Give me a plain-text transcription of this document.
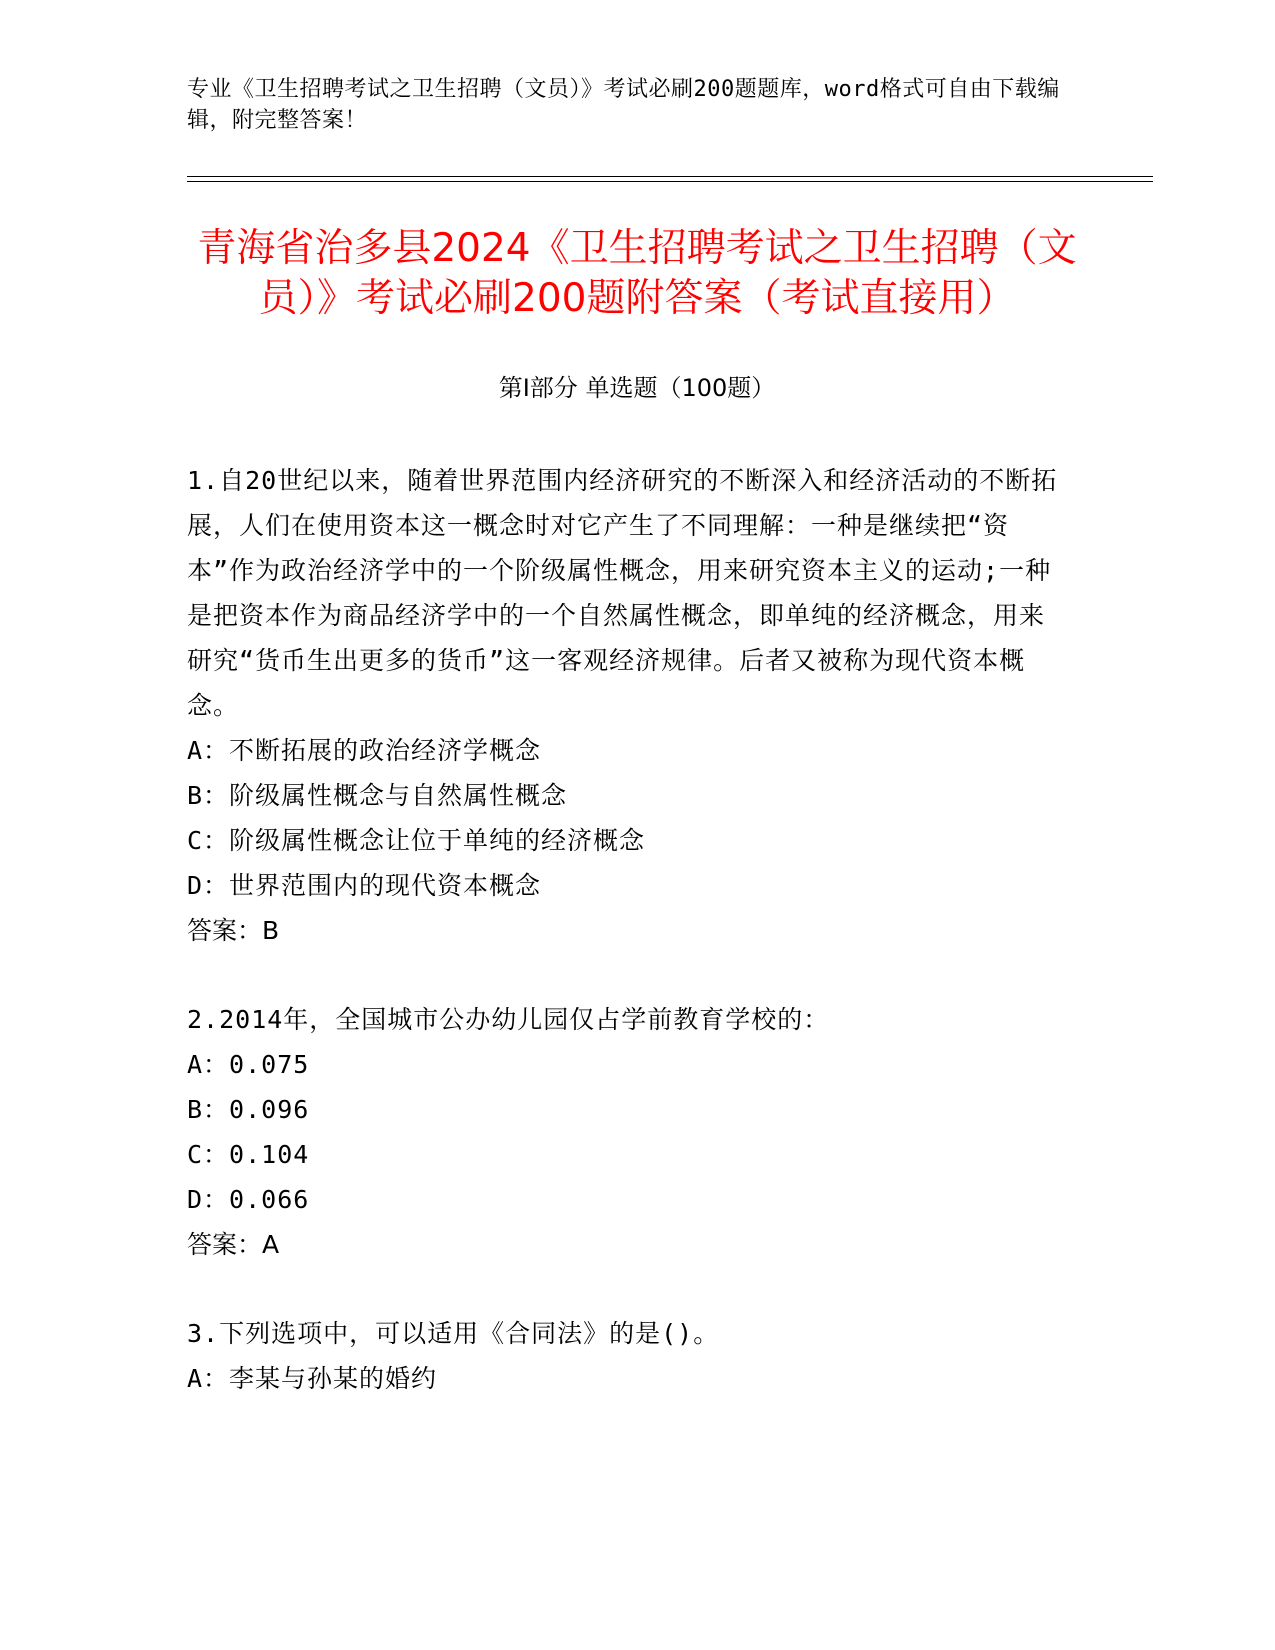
专业《卫生招聘考试之卫生招聘（文员）》考试必刷200题题库，word格式可自由下载编辑，附完整答案！

青海省治多县2024《卫生招聘考试之卫生招聘（文员）》考试必刷200题附答案（考试直接用）
第I部分 单选题（100题）
1.自20世纪以来，随着世界范围内经济研究的不断深入和经济活动的不断拓展，人们在使用资本这一概念时对它产生了不同理解：一种是继续把“资本”作为政治经济学中的一个阶级属性概念，用来研究资本主义的运动;一种是把资本作为商品经济学中的一个自然属性概念，即单纯的经济概念，用来研究“货币生出更多的货币”这一客观经济规律。后者又被称为现代资本概念。
A：不断拓展的政治经济学概念
B：阶级属性概念与自然属性概念
C：阶级属性概念让位于单纯的经济概念
D：世界范围内的现代资本概念
答案：B
2.2014年，全国城市公办幼儿园仅占学前教育学校的：
A：0.075
B：0.096
C：0.104
D：0.066
答案：A
3.下列选项中，可以适用《合同法》的是()。
A：李某与孙某的婚约
